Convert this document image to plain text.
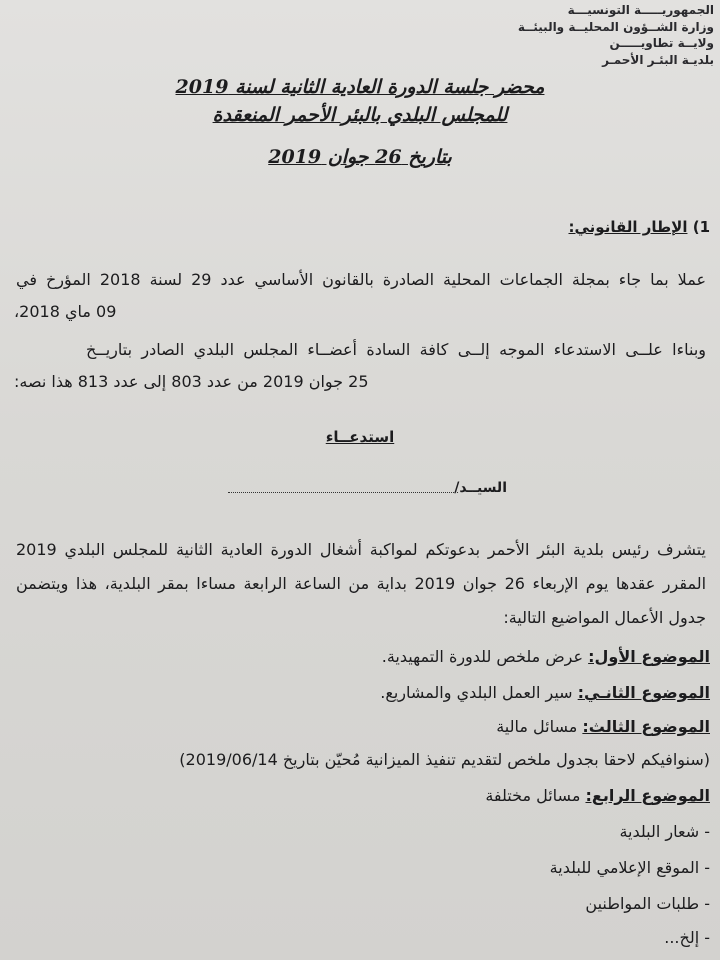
الجمهوريـــــة التونسيـــة
وزارة الشــؤون المحليــة والبيئــة
ولايــة تطاويـــــن
بلديـة البئـر الأحمـر
محضر جلسة الدورة العادية الثانية لسنة 2019
للمجلس البلدي بالبئر الأحمر المنعقدة
بتاريخ 26 جوان 2019
1) الإطار القانوني:
عملا بما جاء بمجلة الجماعات المحلية الصادرة بالقانون الأساسي عدد 29 لسنة 2018 المؤرخ في
09 ماي 2018،
وبناءا علــى الاستدعاء الموجه إلــى كافة السادة أعضــاء المجلس البلدي الصادر بتاريــخ
25 جوان 2019 من عدد 803 إلى عدد 813 هذا نصه:
استدعــاء
السيــد/
يتشرف رئيس بلدية البئر الأحمر بدعوتكم لمواكبة أشغال الدورة العادية الثانية للمجلس البلدي 2019
المقرر عقدها يوم الإربعاء 26 جوان 2019 بداية من الساعة الرابعة مساءا بمقر البلدية، هذا ويتضمن
جدول الأعمال المواضيع التالية:
الموضوع الأول: عرض ملخص للدورة التمهيدية.
الموضوع الثانـي: سير العمل البلدي والمشاريع.
الموضوع الثالث: مسائل مالية
(سنوافيكم لاحقا بجدول ملخص لتقديم تنفيذ الميزانية مُحيّن بتاريخ 2019/06/14)
الموضوع الرابع: مسائل مختلفة
- شعار البلدية
- الموقع الإعلامي للبلدية
- طلبات المواطنين
- إلخ...
